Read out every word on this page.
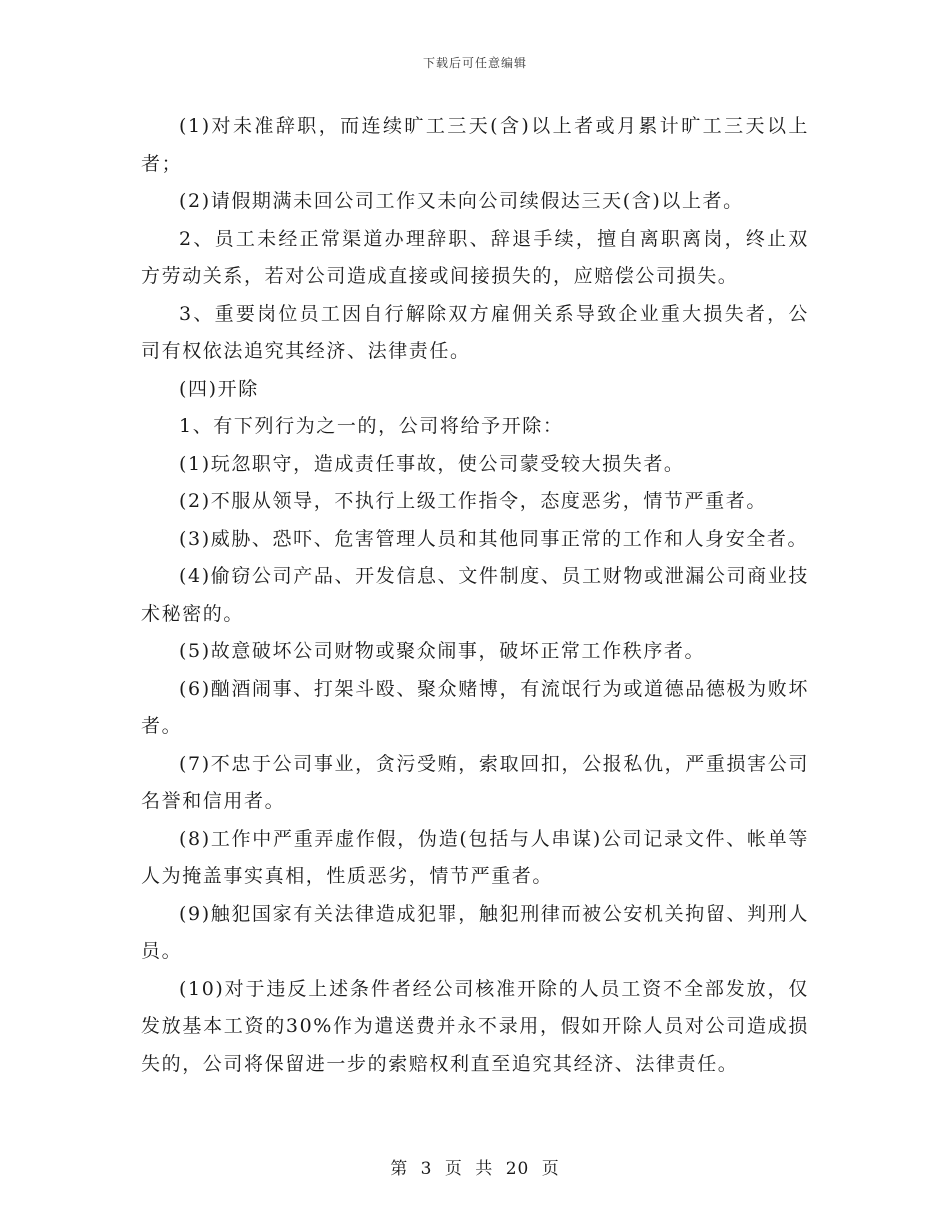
下载后可任意编辑

(1)对未准辞职，而连续旷工三天(含)以上者或月累计旷工三天以上者；

(2)请假期满未回公司工作又未向公司续假达三天(含)以上者。

2、员工未经正常渠道办理辞职、辞退手续，擅自离职离岗，终止双方劳动关系，若对公司造成直接或间接损失的，应赔偿公司损失。

3、重要岗位员工因自行解除双方雇佣关系导致企业重大损失者，公司有权依法追究其经济、法律责任。

(四)开除

1、有下列行为之一的，公司将给予开除：

(1)玩忽职守，造成责任事故，使公司蒙受较大损失者。

(2)不服从领导，不执行上级工作指令，态度恶劣，情节严重者。

(3)威胁、恐吓、危害管理人员和其他同事正常的工作和人身安全者。

(4)偷窃公司产品、开发信息、文件制度、员工财物或泄漏公司商业技术秘密的。

(5)故意破坏公司财物或聚众闹事，破坏正常工作秩序者。

(6)酗酒闹事、打架斗殴、聚众赌博，有流氓行为或道德品德极为败坏者。

(7)不忠于公司事业，贪污受贿，索取回扣，公报私仇，严重损害公司名誉和信用者。

(8)工作中严重弄虚作假，伪造(包括与人串谋)公司记录文件、帐单等人为掩盖事实真相，性质恶劣，情节严重者。

(9)触犯国家有关法律造成犯罪，触犯刑律而被公安机关拘留、判刑人员。

(10)对于违反上述条件者经公司核准开除的人员工资不全部发放，仅发放基本工资的30%作为遣送费并永不录用，假如开除人员对公司造成损失的，公司将保留进一步的索赔权利直至追究其经济、法律责任。

第 3 页 共 20 页
